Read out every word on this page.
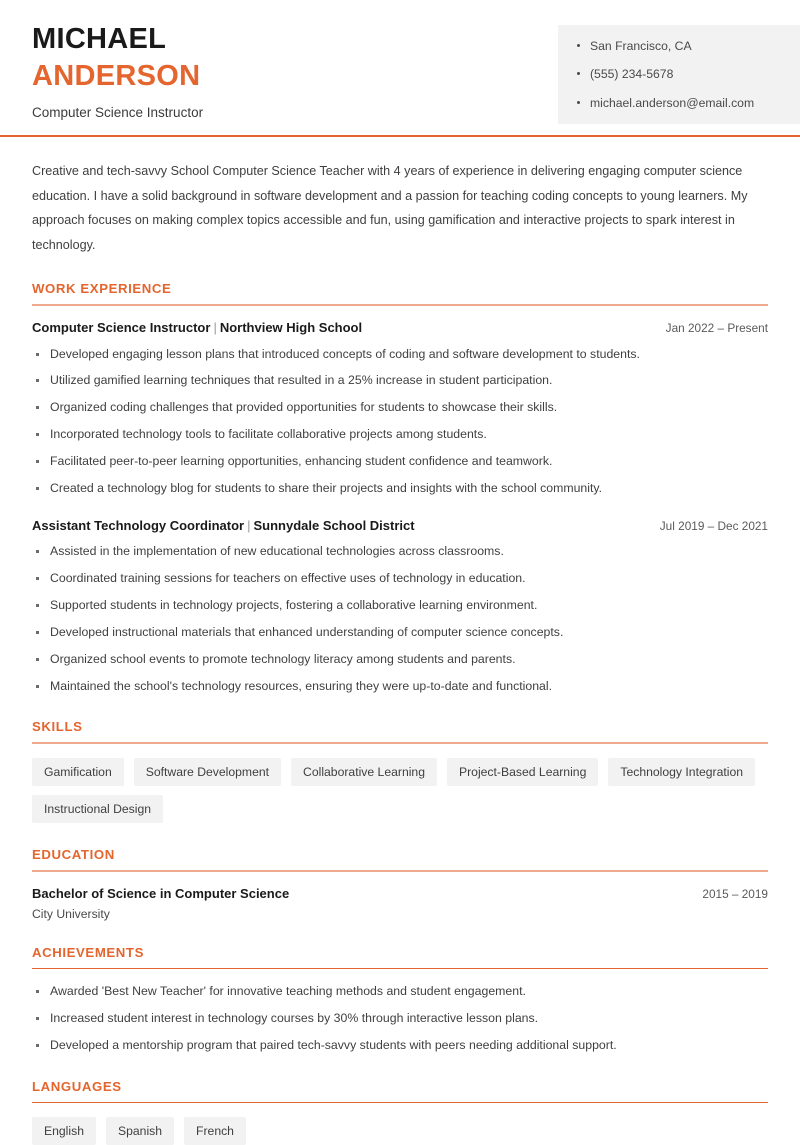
MICHAEL
ANDERSON
Computer Science Instructor
San Francisco, CA
(555) 234-5678
michael.anderson@email.com

Creative and tech-savvy School Computer Science Teacher with 4 years of experience in delivering engaging computer science education. I have a solid background in software development and a passion for teaching coding concepts to young learners. My approach focuses on making complex topics accessible and fun, using gamification and interactive projects to spark interest in technology.

WORK EXPERIENCE
Computer Science Instructor | Northview High School	Jan 2022 – Present
Developed engaging lesson plans that introduced concepts of coding and software development to students.
Utilized gamified learning techniques that resulted in a 25% increase in student participation.
Organized coding challenges that provided opportunities for students to showcase their skills.
Incorporated technology tools to facilitate collaborative projects among students.
Facilitated peer-to-peer learning opportunities, enhancing student confidence and teamwork.
Created a technology blog for students to share their projects and insights with the school community.
Assistant Technology Coordinator | Sunnydale School District	Jul 2019 – Dec 2021
Assisted in the implementation of new educational technologies across classrooms.
Coordinated training sessions for teachers on effective uses of technology in education.
Supported students in technology projects, fostering a collaborative learning environment.
Developed instructional materials that enhanced understanding of computer science concepts.
Organized school events to promote technology literacy among students and parents.
Maintained the school's technology resources, ensuring they were up-to-date and functional.
SKILLS
Gamification	Software Development	Collaborative Learning	Project-Based Learning	Technology Integration
Instructional Design
EDUCATION
Bachelor of Science in Computer Science	2015 – 2019
City University
ACHIEVEMENTS
Awarded 'Best New Teacher' for innovative teaching methods and student engagement.
Increased student interest in technology courses by 30% through interactive lesson plans.
Developed a mentorship program that paired tech-savvy students with peers needing additional support.
LANGUAGES
English	Spanish	French
